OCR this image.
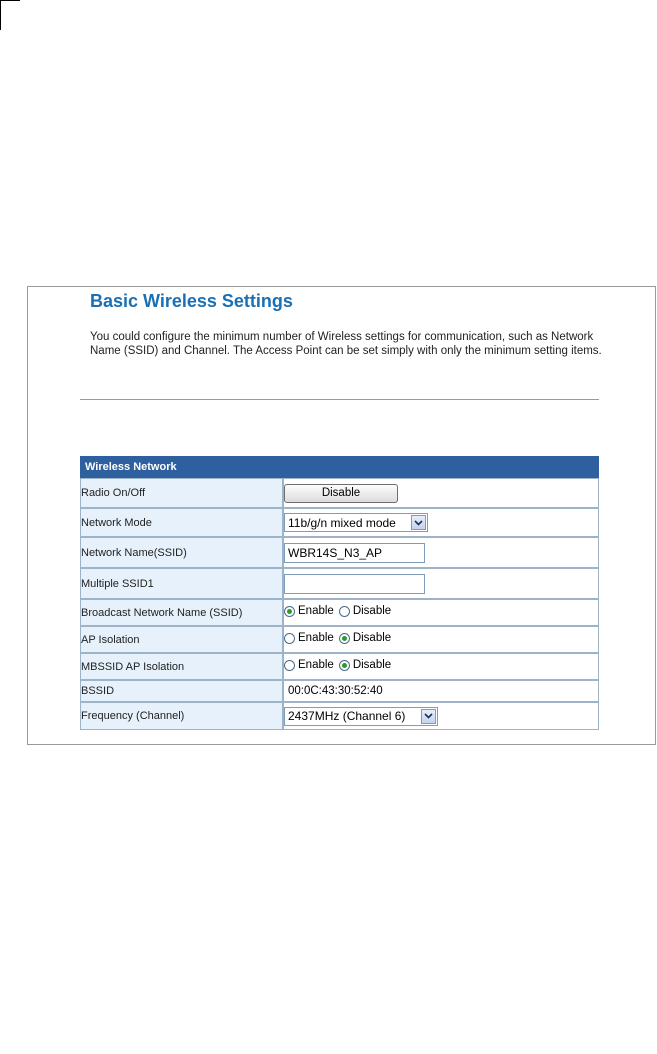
Basic Wireless Settings

You could configure the minimum number of Wireless settings for communication, such as Network Name (SSID) and Channel. The Access Point can be set simply with only the minimum setting items.

Wireless Network	
Radio On/Off	Disable
Network Mode	11b/g/n mixed mode

Network Name(SSID)	WBR14S_N3_AP
Multiple SSID1	
Broadcast Network Name (SSID)	Enable Disable

AP Isolation	Enable Disable

MBSSID AP Isolation	Enable Disable

BSSID	00:0C:43:30:52:40
Frequency (Channel)	2437MHz (Channel 6)
